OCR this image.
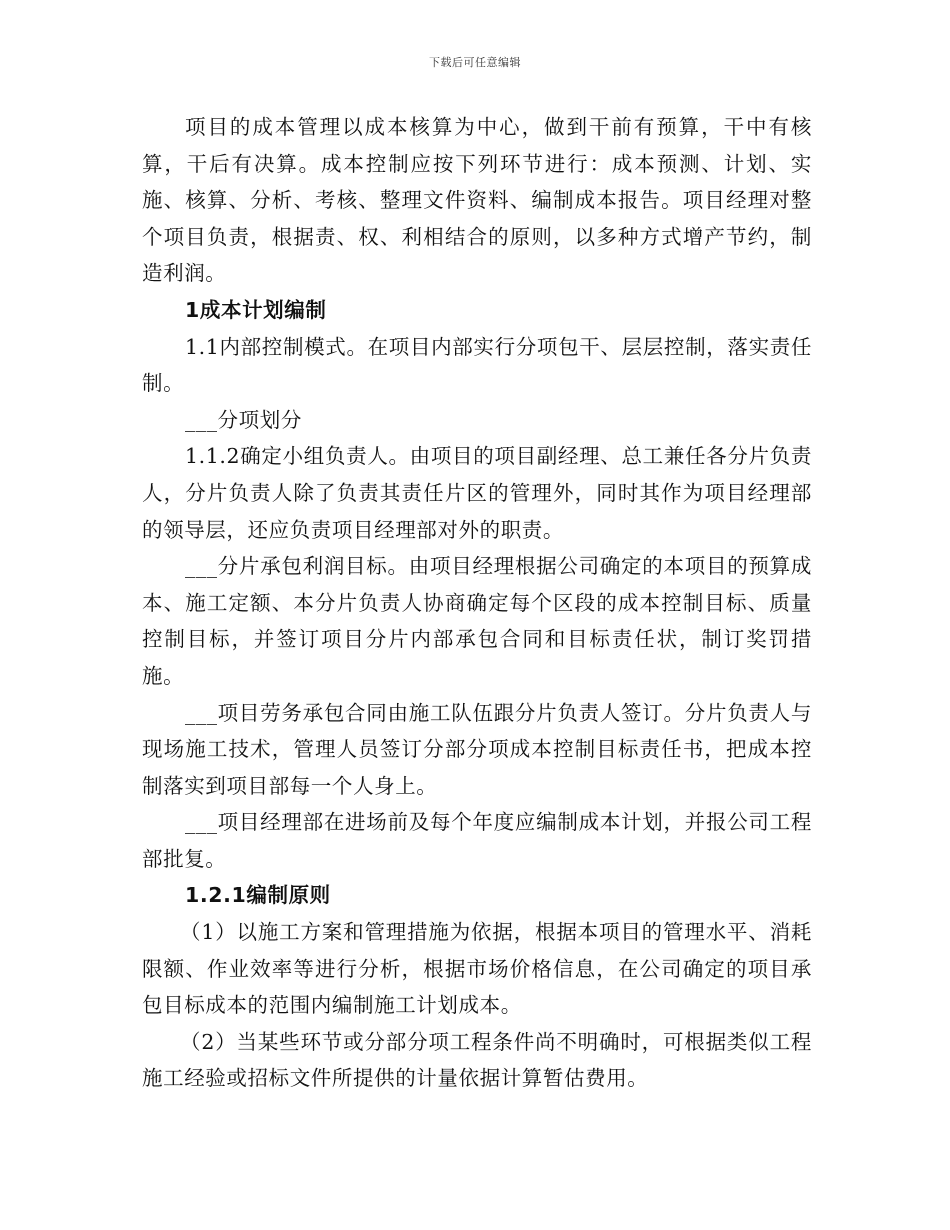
下载后可任意编辑

项目的成本管理以成本核算为中心，做到干前有预算，干中有核算，干后有决算。成本控制应按下列环节进行：成本预测、计划、实施、核算、分析、考核、整理文件资料、编制成本报告。项目经理对整个项目负责，根据责、权、利相结合的原则，以多种方式增产节约，制造利润。

1成本计划编制

1.1内部控制模式。在项目内部实行分项包干、层层控制，落实责任制。

___分项划分

1.1.2确定小组负责人。由项目的项目副经理、总工兼任各分片负责人，分片负责人除了负责其责任片区的管理外，同时其作为项目经理部的领导层，还应负责项目经理部对外的职责。

___分片承包利润目标。由项目经理根据公司确定的本项目的预算成本、施工定额、本分片负责人协商确定每个区段的成本控制目标、质量控制目标，并签订项目分片内部承包合同和目标责任状，制订奖罚措施。

___项目劳务承包合同由施工队伍跟分片负责人签订。分片负责人与现场施工技术，管理人员签订分部分项成本控制目标责任书，把成本控制落实到项目部每一个人身上。

___项目经理部在进场前及每个年度应编制成本计划，并报公司工程部批复。

1.2.1编制原则

（1）以施工方案和管理措施为依据，根据本项目的管理水平、消耗限额、作业效率等进行分析，根据市场价格信息，在公司确定的项目承包目标成本的范围内编制施工计划成本。

（2）当某些环节或分部分项工程条件尚不明确时，可根据类似工程施工经验或招标文件所提供的计量依据计算暂估费用。
